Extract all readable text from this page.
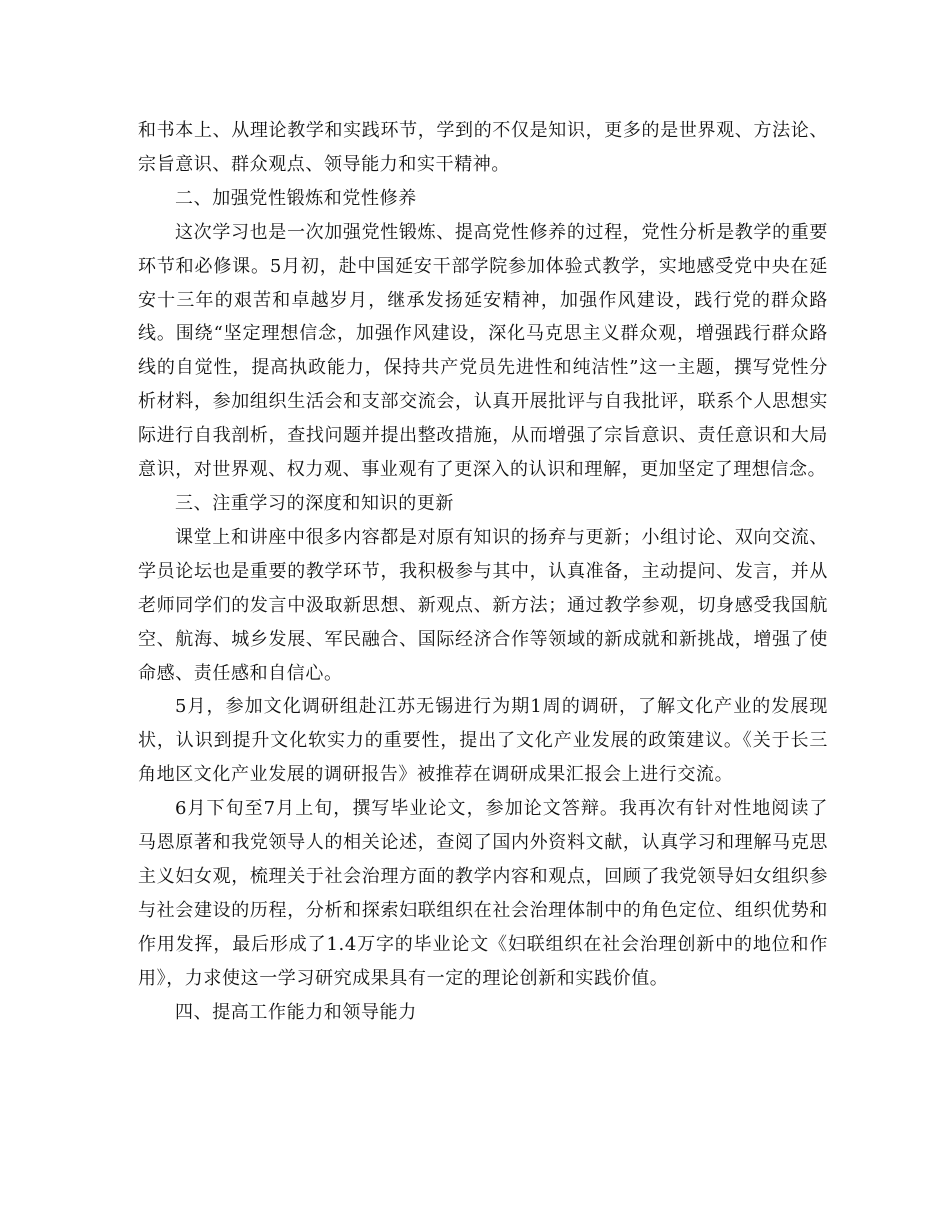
和书本上、从理论教学和实践环节，学到的不仅是知识，更多的是世界观、方法论、宗旨意识、群众观点、领导能力和实干精神。

二、加强党性锻炼和党性修养

这次学习也是一次加强党性锻炼、提高党性修养的过程，党性分析是教学的重要环节和必修课。5月初，赴中国延安干部学院参加体验式教学，实地感受党中央在延安十三年的艰苦和卓越岁月，继承发扬延安精神，加强作风建设，践行党的群众路线。围绕“坚定理想信念，加强作风建设，深化马克思主义群众观，增强践行群众路线的自觉性，提高执政能力，保持共产党员先进性和纯洁性”这一主题，撰写党性分析材料，参加组织生活会和支部交流会，认真开展批评与自我批评，联系个人思想实际进行自我剖析，查找问题并提出整改措施，从而增强了宗旨意识、责任意识和大局意识，对世界观、权力观、事业观有了更深入的认识和理解，更加坚定了理想信念。

三、注重学习的深度和知识的更新

课堂上和讲座中很多内容都是对原有知识的扬弃与更新；小组讨论、双向交流、学员论坛也是重要的教学环节，我积极参与其中，认真准备，主动提问、发言，并从老师同学们的发言中汲取新思想、新观点、新方法；通过教学参观，切身感受我国航空、航海、城乡发展、军民融合、国际经济合作等领域的新成就和新挑战，增强了使命感、责任感和自信心。

5月，参加文化调研组赴江苏无锡进行为期1周的调研，了解文化产业的发展现状，认识到提升文化软实力的重要性，提出了文化产业发展的政策建议。《关于长三角地区文化产业发展的调研报告》被推荐在调研成果汇报会上进行交流。

6月下旬至7月上旬，撰写毕业论文，参加论文答辩。我再次有针对性地阅读了马恩原著和我党领导人的相关论述，查阅了国内外资料文献，认真学习和理解马克思主义妇女观，梳理关于社会治理方面的教学内容和观点，回顾了我党领导妇女组织参与社会建设的历程，分析和探索妇联组织在社会治理体制中的角色定位、组织优势和作用发挥，最后形成了1.4万字的毕业论文《妇联组织在社会治理创新中的地位和作用》，力求使这一学习研究成果具有一定的理论创新和实践价值。

四、提高工作能力和领导能力
